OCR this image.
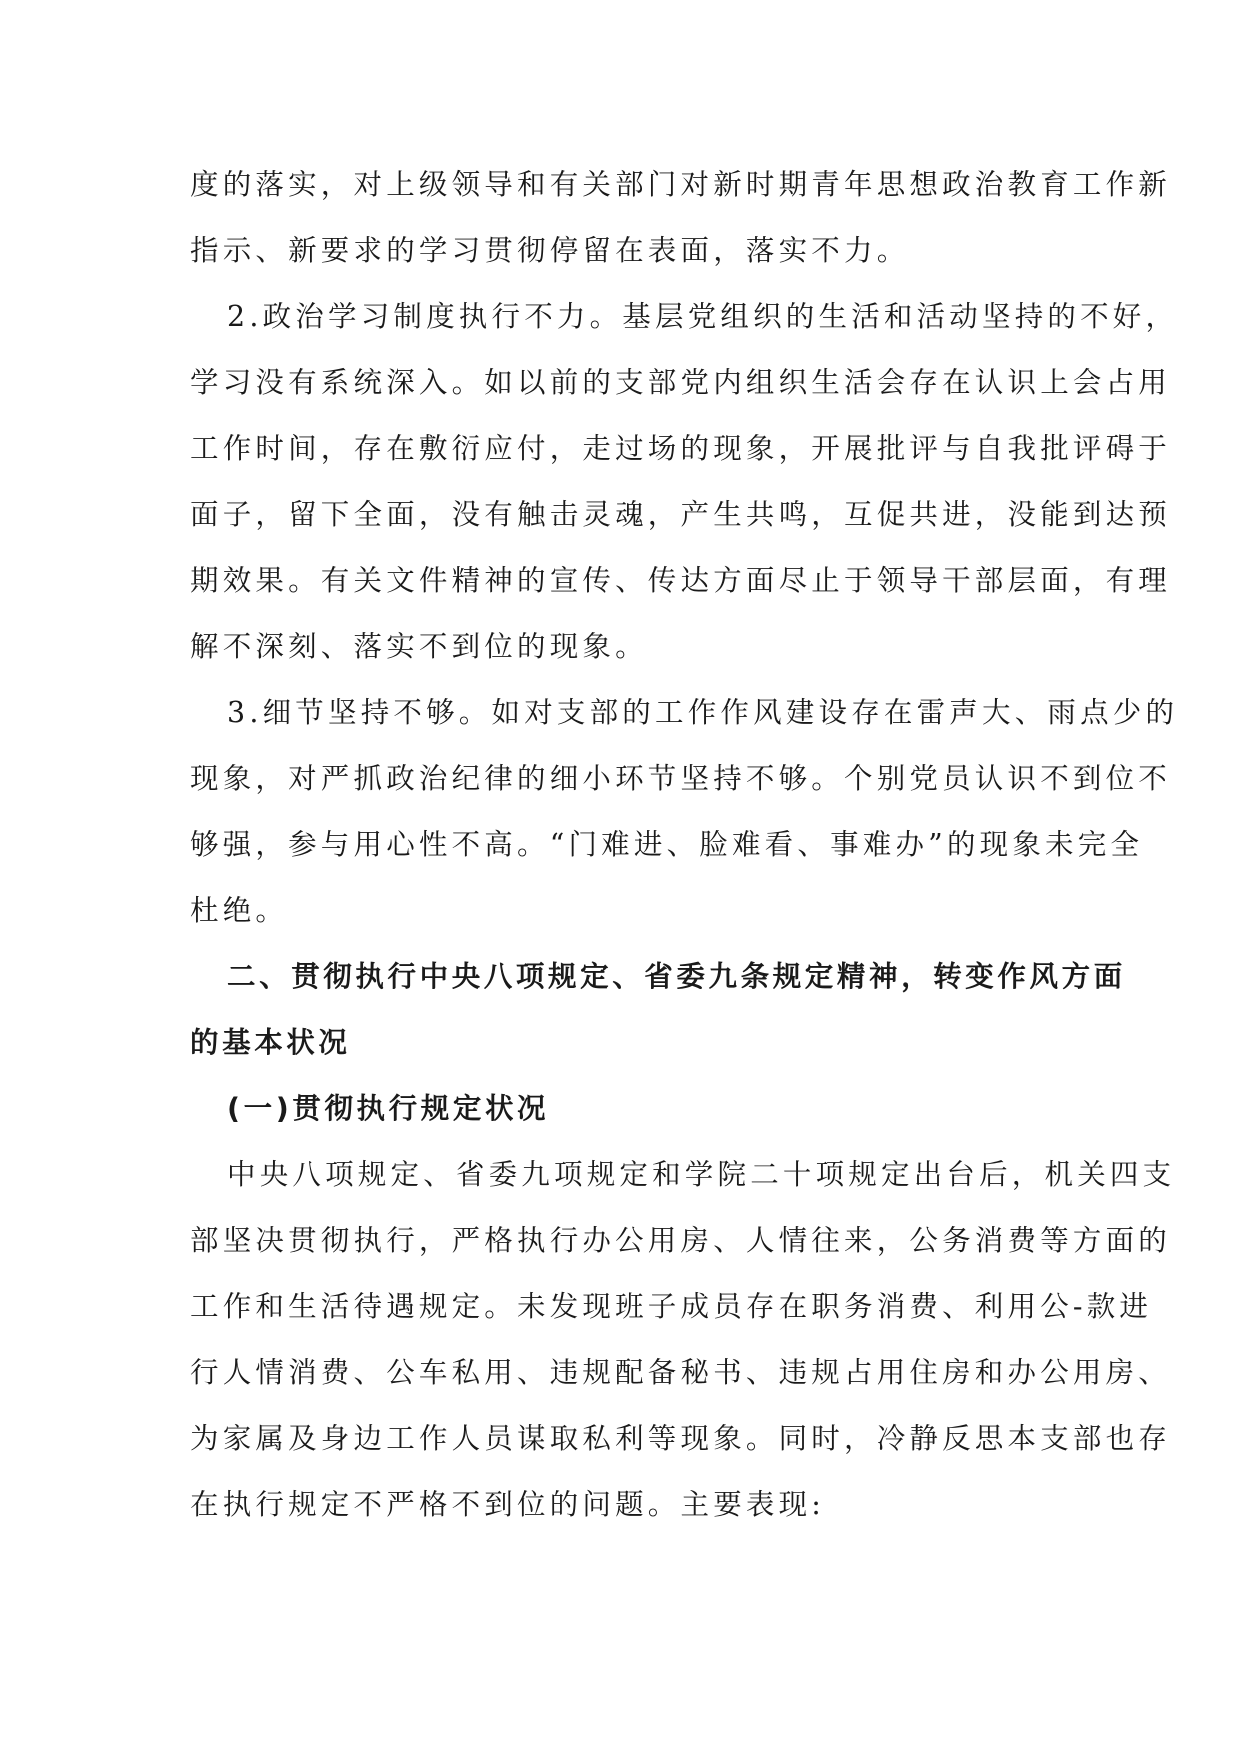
度的落实，对上级领导和有关部门对新时期青年思想政治教育工作新
指示、新要求的学习贯彻停留在表面，落实不力。
2.政治学习制度执行不力。基层党组织的生活和活动坚持的不好，
学习没有系统深入。如以前的支部党内组织生活会存在认识上会占用
工作时间，存在敷衍应付，走过场的现象，开展批评与自我批评碍于
面子，留下全面，没有触击灵魂，产生共鸣，互促共进，没能到达预
期效果。有关文件精神的宣传、传达方面尽止于领导干部层面，有理
解不深刻、落实不到位的现象。
3.细节坚持不够。如对支部的工作作风建设存在雷声大、雨点少的
现象，对严抓政治纪律的细小环节坚持不够。个别党员认识不到位不
够强，参与用心性不高。“门难进、脸难看、事难办”的现象未完全
杜绝。
二、贯彻执行中央八项规定、省委九条规定精神，转变作风方面
的基本状况
(一)贯彻执行规定状况
中央八项规定、省委九项规定和学院二十项规定出台后，机关四支
部坚决贯彻执行，严格执行办公用房、人情往来，公务消费等方面的
工作和生活待遇规定。未发现班子成员存在职务消费、利用公-款进
行人情消费、公车私用、违规配备秘书、违规占用住房和办公用房、
为家属及身边工作人员谋取私利等现象。同时，冷静反思本支部也存
在执行规定不严格不到位的问题。主要表现:
